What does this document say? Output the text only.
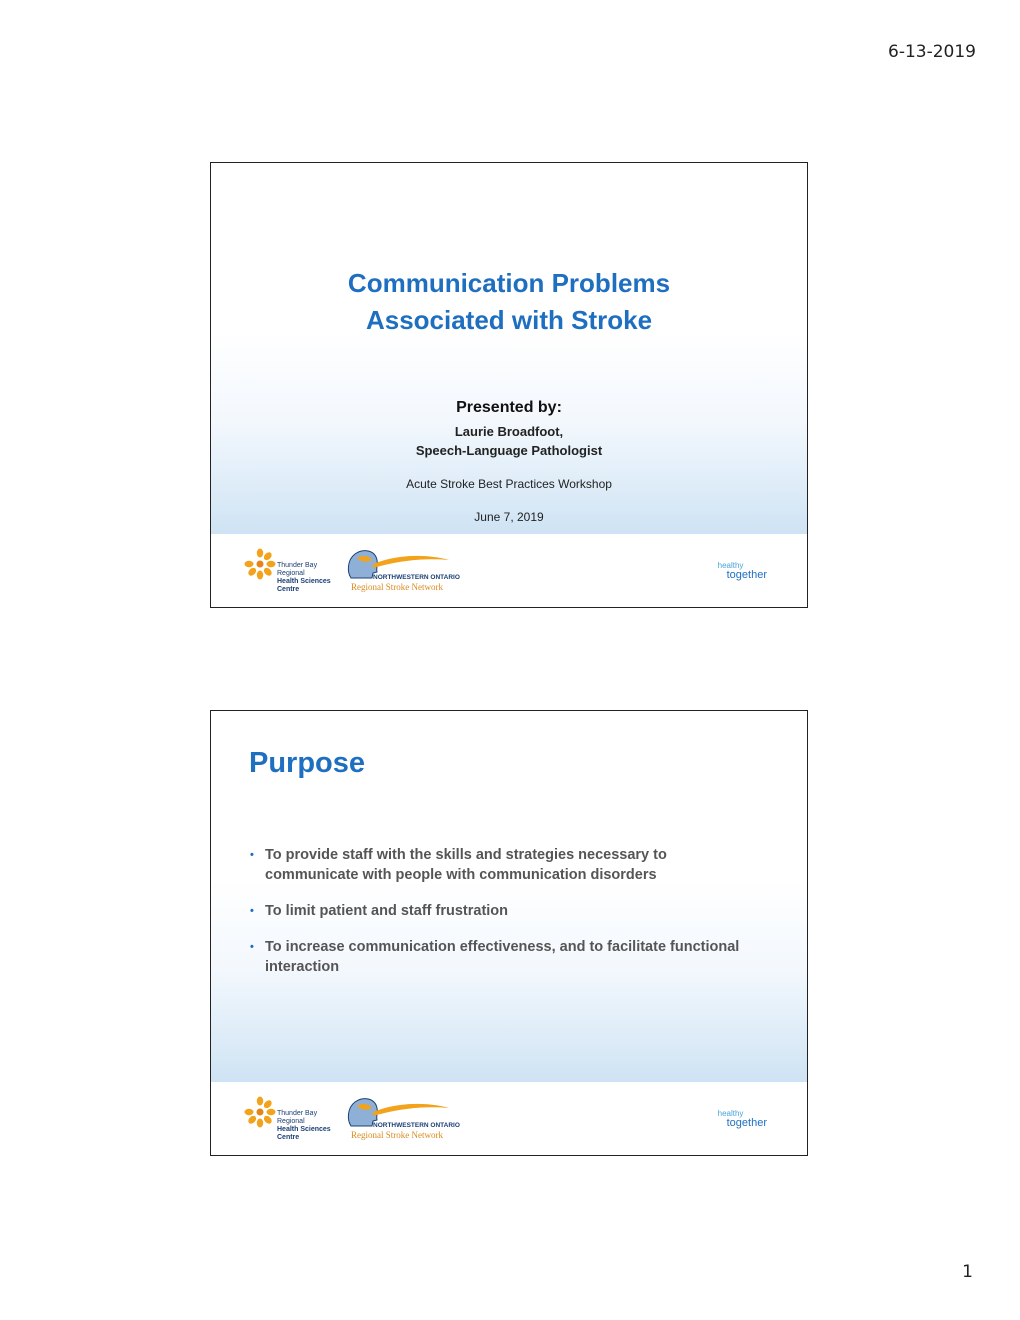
6-13-2019
Communication Problems
Associated with Stroke
Presented by:
Laurie Broadfoot,
Speech-Language Pathologist
Acute Stroke Best Practices Workshop
June 7, 2019
Thunder Bay Regional
Health Sciences
Centre
NORTHWESTERN ONTARIO
Regional Stroke Network
healthy
together
Purpose
• To provide staff with the skills and strategies necessary to communicate with people with communication disorders
• To limit patient and staff frustration
• To increase communication effectiveness, and to facilitate functional interaction
Thunder Bay Regional
Health Sciences
Centre
NORTHWESTERN ONTARIO
Regional Stroke Network
healthy
together
1
